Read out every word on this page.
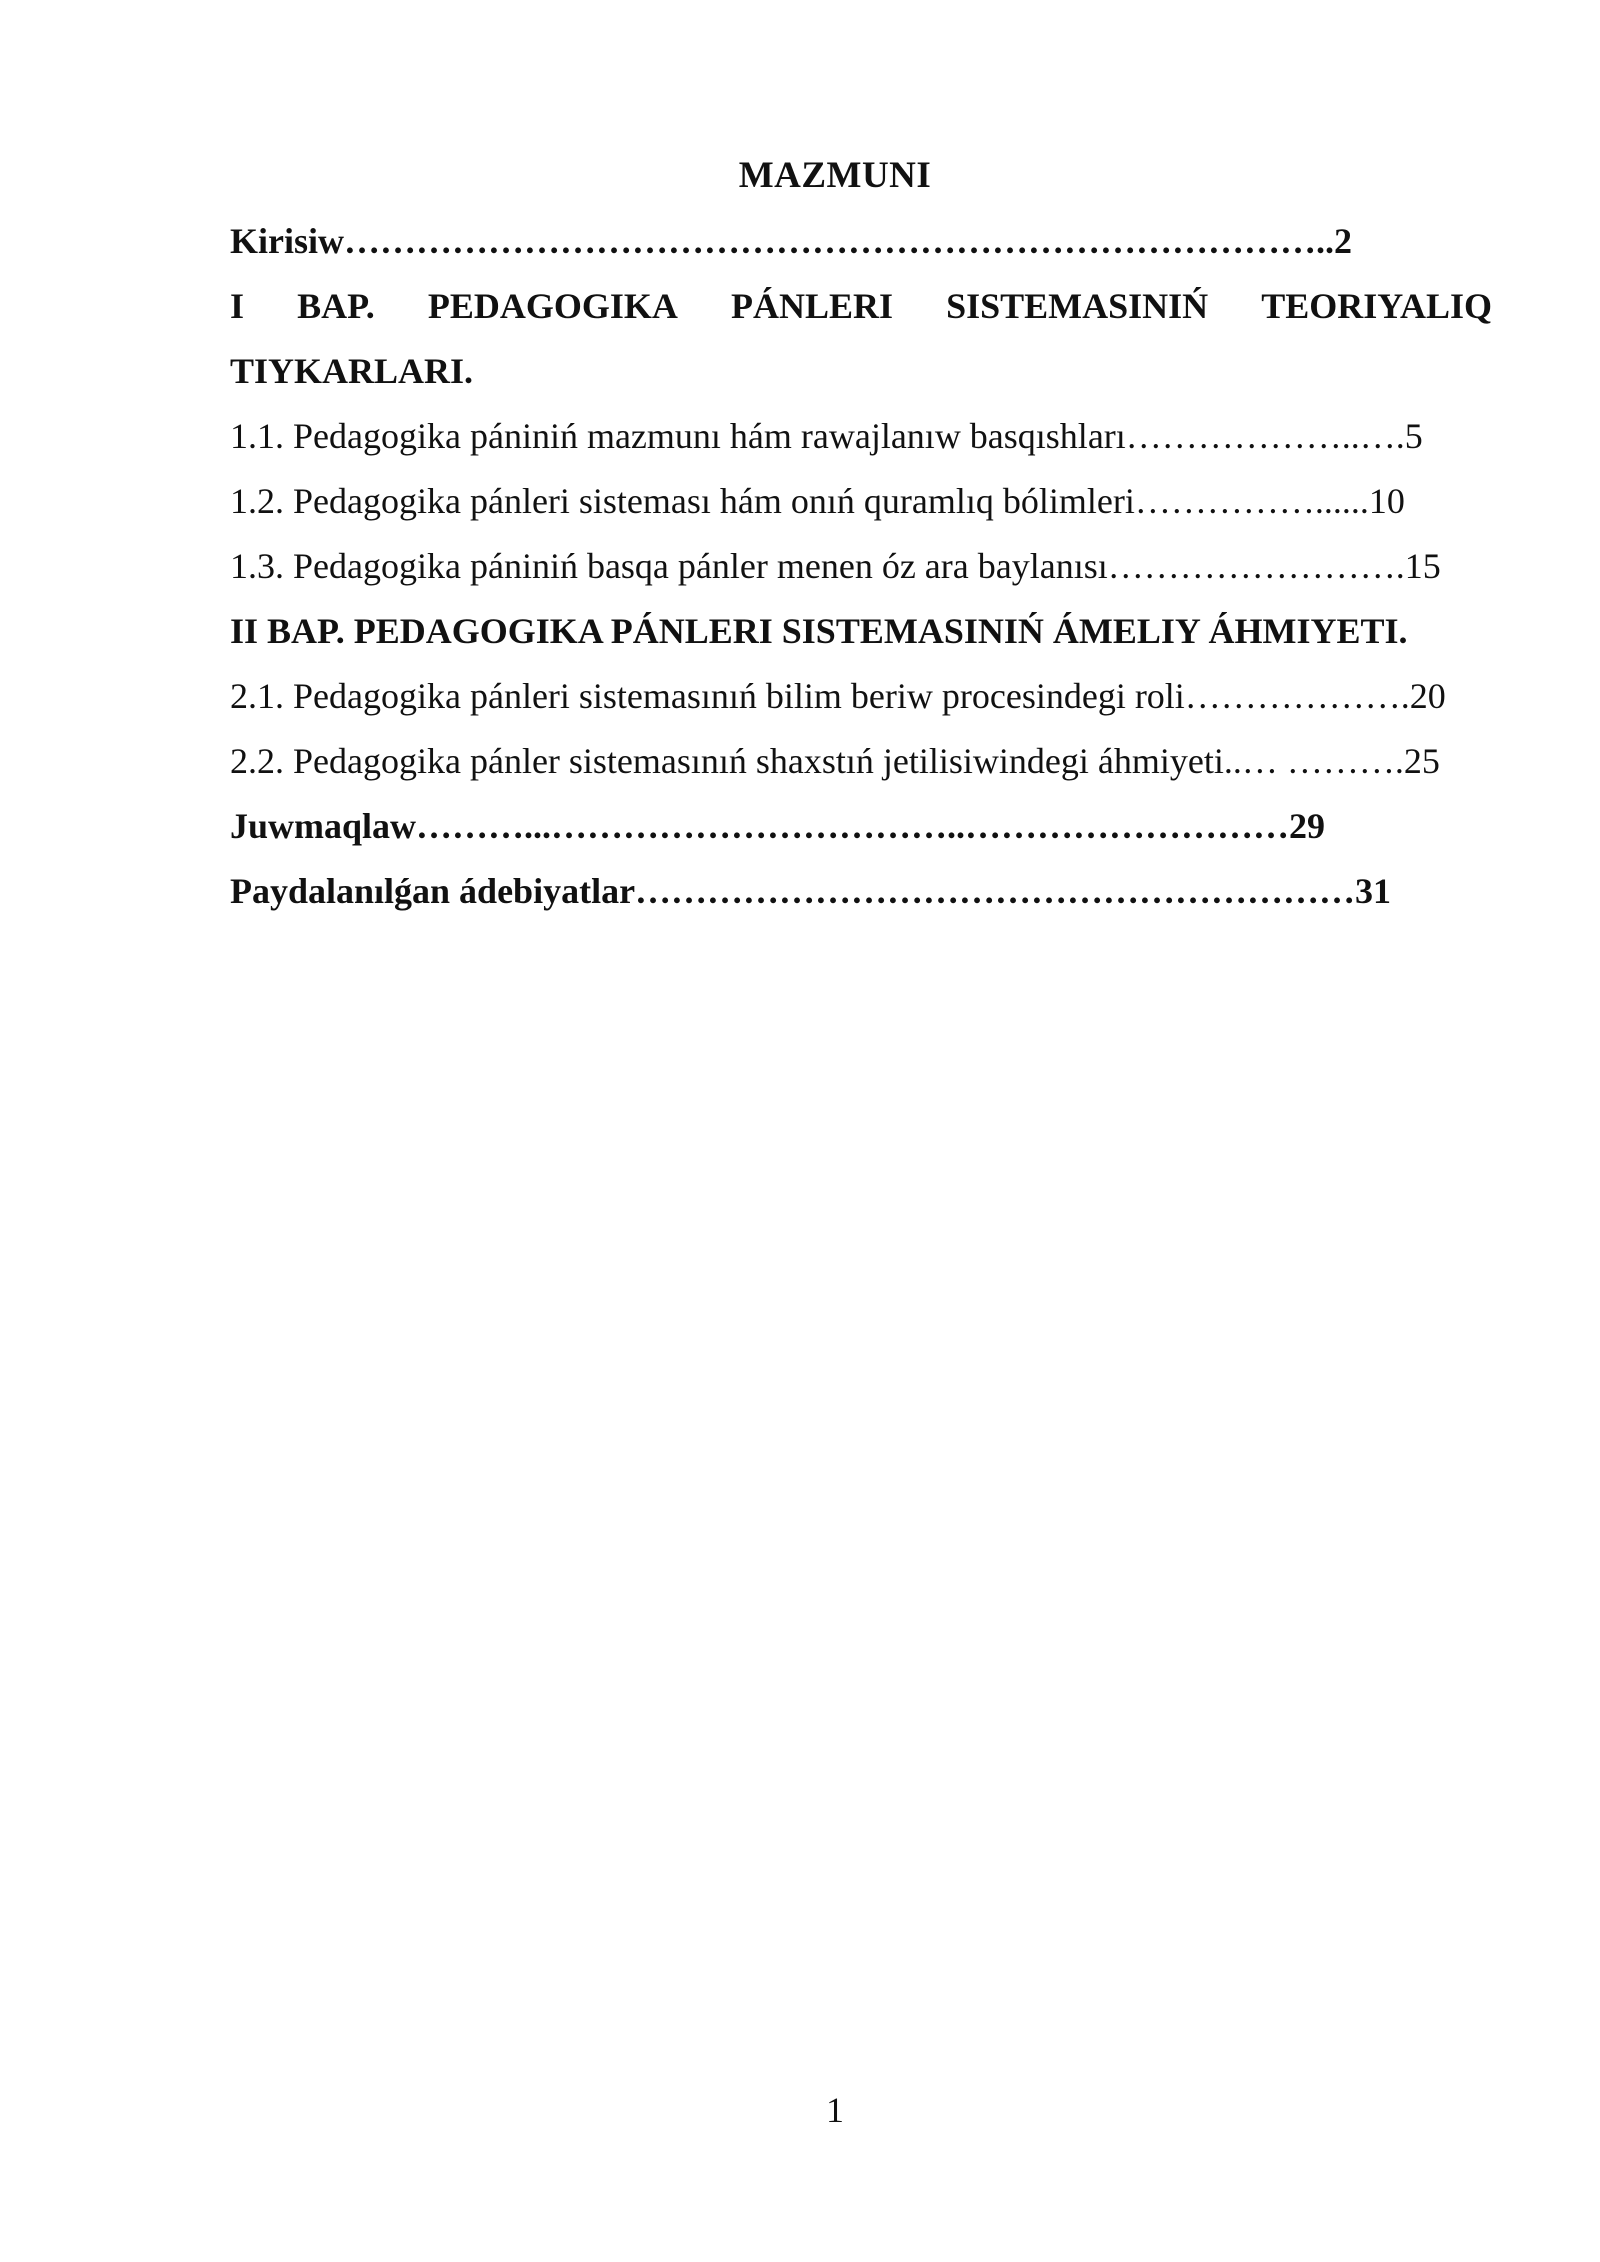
MAZMUNI
Kirisiw………………………………………………………………………..2
I BAP. PEDAGOGIKA PÁNLERI SISTEMASINIŃ TEORIYALIQ
TIYKARLARI.
1.1. Pedagogika pániniń mazmunı hám rawajlanıw basqıshları………………..….5
1.2. Pedagogika pánleri sisteması hám onıń quramlıq bólimleri……………......10
1.3. Pedagogika pániniń basqa pánler menen óz ara baylanısı…………………….15
II BAP. PEDAGOGIKA PÁNLERI SISTEMASINIŃ ÁMELIY ÁHMIYETI.
2.1. Pedagogika pánleri sistemasınıń bilim beriw procesindegi roli……………….20
2.2. Pedagogika pánler sistemasınıń shaxstıń jetilisiwindegi áhmiyeti..… ……….25
Juwmaqlaw………...……………………………..………………………29
Paydalanılǵan ádebiyatlar……………………………………………………31
1
